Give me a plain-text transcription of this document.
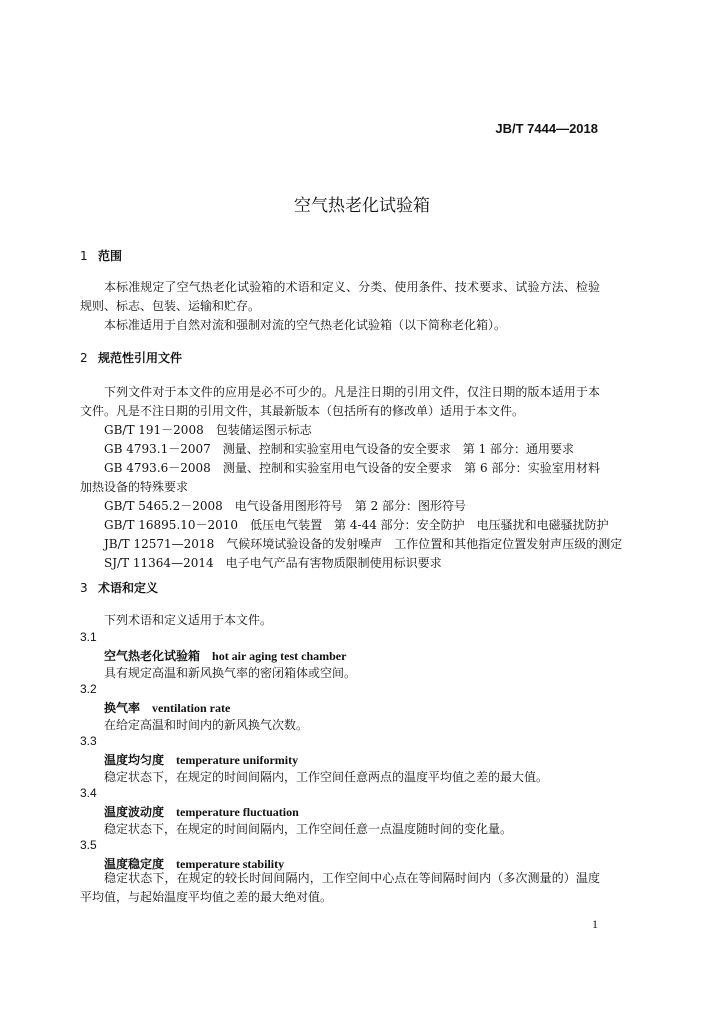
JB/T 7444—2018
空气热老化试验箱
1 范围
本标准规定了空气热老化试验箱的术语和定义、分类、使用条件、技术要求、试验方法、检验规则、标志、包装、运输和贮存。
本标准适用于自然对流和强制对流的空气热老化试验箱（以下简称老化箱）。
2 规范性引用文件
下列文件对于本文件的应用是必不可少的。凡是注日期的引用文件，仅注日期的版本适用于本文件。凡是不注日期的引用文件，其最新版本（包括所有的修改单）适用于本文件。
GB/T 191－2008　包装储运图示标志
GB 4793.1－2007　测量、控制和实验室用电气设备的安全要求　第 1 部分：通用要求
GB 4793.6－2008　测量、控制和实验室用电气设备的安全要求　第 6 部分：实验室用材料加热设备的特殊要求
GB/T 5465.2－2008　电气设备用图形符号　第 2 部分：图形符号
GB/T 16895.10－2010　低压电气装置　第 4-44 部分：安全防护　电压骚扰和电磁骚扰防护
JB/T 12571—2018　气候环境试验设备的发射噪声　工作位置和其他指定位置发射声压级的测定
SJ/T 11364—2014　电子电气产品有害物质限制使用标识要求
3 术语和定义
下列术语和定义适用于本文件。
3.1
空气热老化试验箱 hot air aging test chamber
具有规定高温和新风换气率的密闭箱体或空间。
3.2
换气率 ventilation rate
在给定高温和时间内的新风换气次数。
3.3
温度均匀度 temperature uniformity
稳定状态下，在规定的时间间隔内，工作空间任意两点的温度平均值之差的最大值。
3.4
温度波动度 temperature fluctuation
稳定状态下，在规定的时间间隔内，工作空间任意一点温度随时间的变化量。
3.5
温度稳定度 temperature stability
稳定状态下，在规定的较长时间间隔内，工作空间中心点在等间隔时间内（多次测量的）温度平均值，与起始温度平均值之差的最大绝对值。
1
